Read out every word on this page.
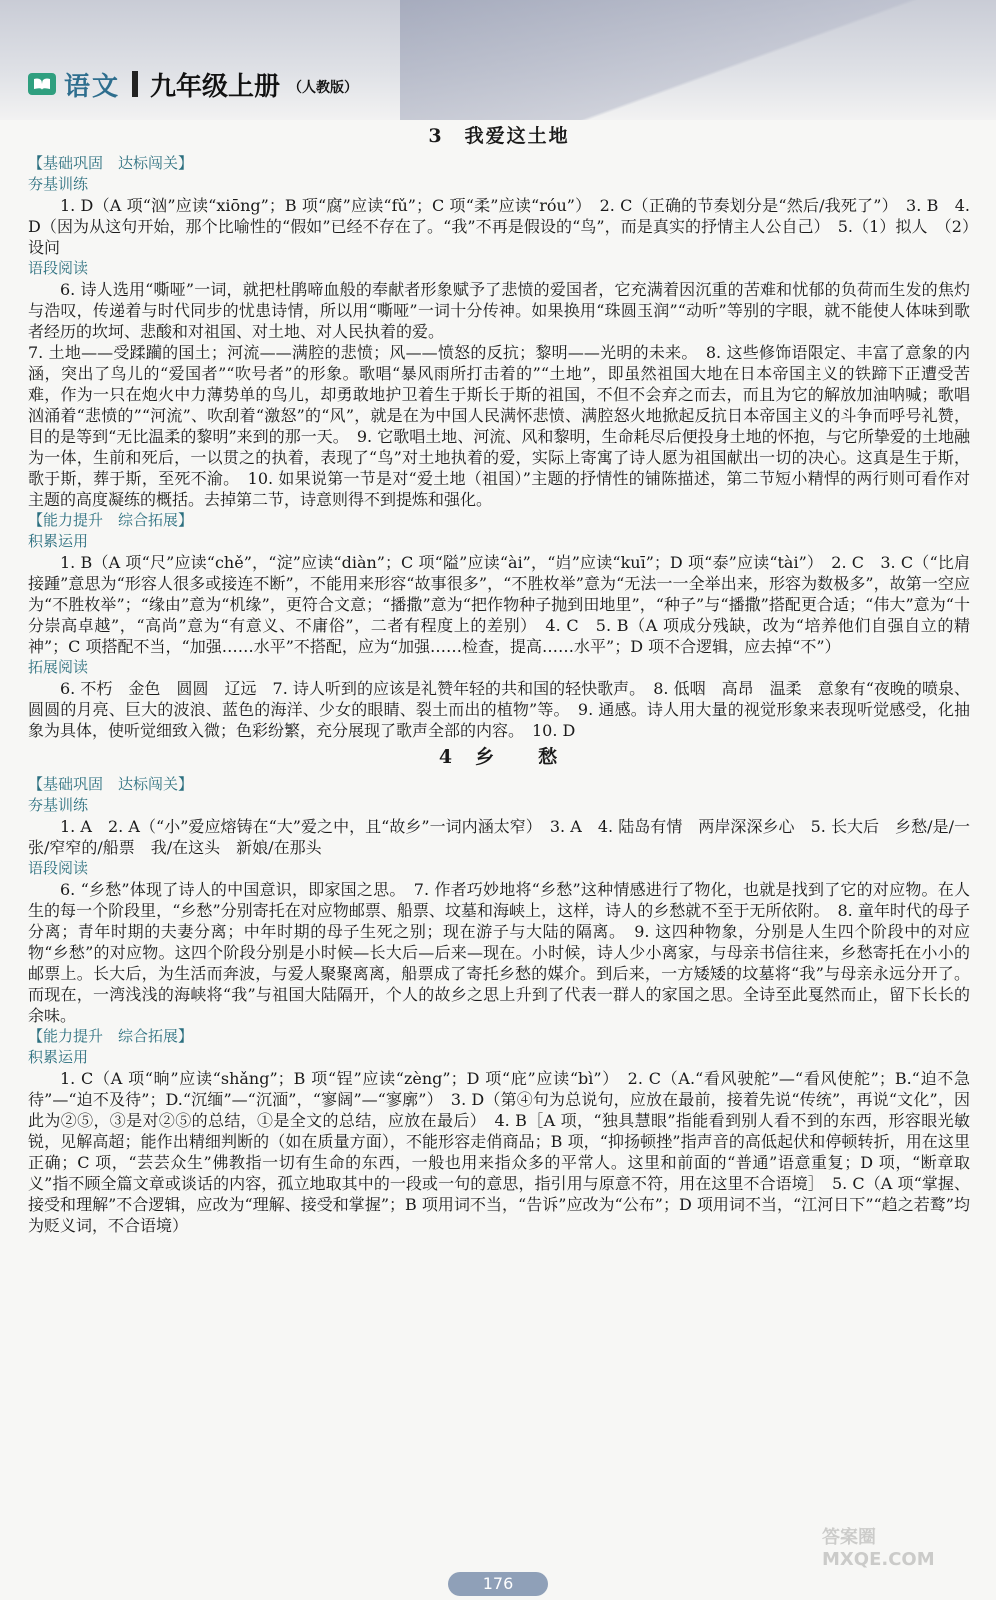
语文 九年级上册 （人教版）
3　我爱这土地
【基础巩固　达标闯关】
夯基训练

1. D（A 项“汹”应读“xiōng”；B 项“腐”应读“fǔ”；C 项“柔”应读“róu”）　2. C（正确的节奏划分是“然后/我死了”）　3. B　4. D（因为从这句开始，那个比喻性的“假如”已经不存在了。“我”不再是假设的“鸟”，而是真实的抒情主人公自己）　5.（1）拟人　（2）设问

语段阅读

6. 诗人选用“嘶哑”一词，就把杜鹃啼血般的奉献者形象赋予了悲愤的爱国者，它充满着因沉重的苦难和忧郁的负荷而生发的焦灼与浩叹，传递着与时代同步的忧患诗情，所以用“嘶哑”一词十分传神。如果换用“珠圆玉润”“动听”等别的字眼，就不能使人体味到歌者经历的坎坷、悲酸和对祖国、对土地、对人民执着的爱。

7. 土地——受蹂躏的国土；河流——满腔的悲愤；风——愤怒的反抗；黎明——光明的未来。　8. 这些修饰语限定、丰富了意象的内涵，突出了鸟儿的“爱国者”“吹号者”的形象。歌唱“暴风雨所打击着的”“土地”，即虽然祖国大地在日本帝国主义的铁蹄下正遭受苦难，作为一只在炮火中力薄势单的鸟儿，却勇敢地护卫着生于斯长于斯的祖国，不但不会弃之而去，而且为它的解放加油呐喊；歌唱汹涌着“悲愤的”“河流”、吹刮着“激怒”的“风”，就是在为中国人民满怀悲愤、满腔怒火地掀起反抗日本帝国主义的斗争而呼号礼赞，目的是等到“无比温柔的黎明”来到的那一天。　9. 它歌唱土地、河流、风和黎明，生命耗尽后便投身土地的怀抱，与它所挚爱的土地融为一体，生前和死后，一以贯之的执着，表现了“鸟”对土地执着的爱，实际上寄寓了诗人愿为祖国献出一切的决心。这真是生于斯，歌于斯，葬于斯，至死不渝。　10. 如果说第一节是对“爱土地（祖国）”主题的抒情性的铺陈描述，第二节短小精悍的两行则可看作对主题的高度凝练的概括。去掉第二节，诗意则得不到提炼和强化。

【能力提升　综合拓展】
积累运用

1. B（A 项“尺”应读“chě”，“淀”应读“diàn”；C 项“隘”应读“ài”，“岿”应读“kuī”；D 项“泰”应读“tài”）　2. C　3. C（“比肩接踵”意思为“形容人很多或接连不断”，不能用来形容“故事很多”，“不胜枚举”意为“无法一一全举出来，形容为数极多”，故第一空应为“不胜枚举”；“缘由”意为“机缘”，更符合文意；“播撒”意为“把作物种子抛到田地里”，“种子”与“播撒”搭配更合适；“伟大”意为“十分崇高卓越”，“高尚”意为“有意义、不庸俗”，二者有程度上的差别）　4. C　5. B（A 项成分残缺，改为“培养他们自强自立的精神”；C 项搭配不当，“加强……水平”不搭配，应为“加强……检查，提高……水平”；D 项不合逻辑，应去掉“不”）

拓展阅读

6. 不朽　金色　圆圆　辽远　7. 诗人听到的应该是礼赞年轻的共和国的轻快歌声。　8. 低咽　高昂　温柔　意象有“夜晚的喷泉、圆圆的月亮、巨大的波浪、蓝色的海洋、少女的眼睛、裂土而出的植物”等。　9. 通感。诗人用大量的视觉形象来表现听觉感受，化抽象为具体，使听觉细致入微；色彩纷繁，充分展现了歌声全部的内容。　10. D

4　乡　　愁
【基础巩固　达标闯关】
夯基训练

1. A　2. A（“小”爱应熔铸在“大”爱之中，且“故乡”一词内涵太窄）　3. A　4. 陆岛有情　两岸深深乡心　5. 长大后　乡愁/是/一张/窄窄的/船票　我/在这头　新娘/在那头

语段阅读

6. “乡愁”体现了诗人的中国意识，即家国之思。　7. 作者巧妙地将“乡愁”这种情感进行了物化，也就是找到了它的对应物。在人生的每一个阶段里，“乡愁”分别寄托在对应物邮票、船票、坟墓和海峡上，这样，诗人的乡愁就不至于无所依附。　8. 童年时代的母子分离；青年时期的夫妻分离；中年时期的母子生死之别；现在游子与大陆的隔离。　9. 这四种物象，分别是人生四个阶段中的对应物“乡愁”的对应物。这四个阶段分别是小时候—长大后—后来—现在。小时候，诗人少小离家，与母亲书信往来，乡愁寄托在小小的邮票上。长大后，为生活而奔波，与爱人聚聚离离，船票成了寄托乡愁的媒介。到后来，一方矮矮的坟墓将“我”与母亲永远分开了。而现在，一湾浅浅的海峡将“我”与祖国大陆隔开，个人的故乡之思上升到了代表一群人的家国之思。全诗至此戛然而止，留下长长的余味。

【能力提升　综合拓展】
积累运用

1. C（A 项“晌”应读“shǎng”；B 项“锃”应读“zèng”；D 项“庇”应读“bì”）　2. C（A.“看风驶舵”—“看风使舵”；B.“迫不急待”—“迫不及待”；D.“沉缅”—“沉湎”，“寥阔”—“寥廓”）　3. D（第④句为总说句，应放在最前，接着先说“传统”，再说“文化”，因此为②⑤，③是对②⑤的总结，①是全文的总结，应放在最后）　4. B［A 项，“独具慧眼”指能看到别人看不到的东西，形容眼光敏锐，见解高超；能作出精细判断的（如在质量方面），不能形容走俏商品；B 项，“抑扬顿挫”指声音的高低起伏和停顿转折，用在这里正确；C 项，“芸芸众生”佛教指一切有生命的东西，一般也用来指众多的平常人。这里和前面的“普通”语意重复；D 项，“断章取义”指不顾全篇文章或谈话的内容，孤立地取其中的一段或一句的意思，指引用与原意不符，用在这里不合语境］　5. C（A 项“掌握、接受和理解”不合逻辑，应改为“理解、接受和掌握”；B 项用词不当，“告诉”应改为“公布”；D 项用词不当，“江河日下”“趋之若鹜”均为贬义词，不合语境）

176
答案圈 MXQE.COM
